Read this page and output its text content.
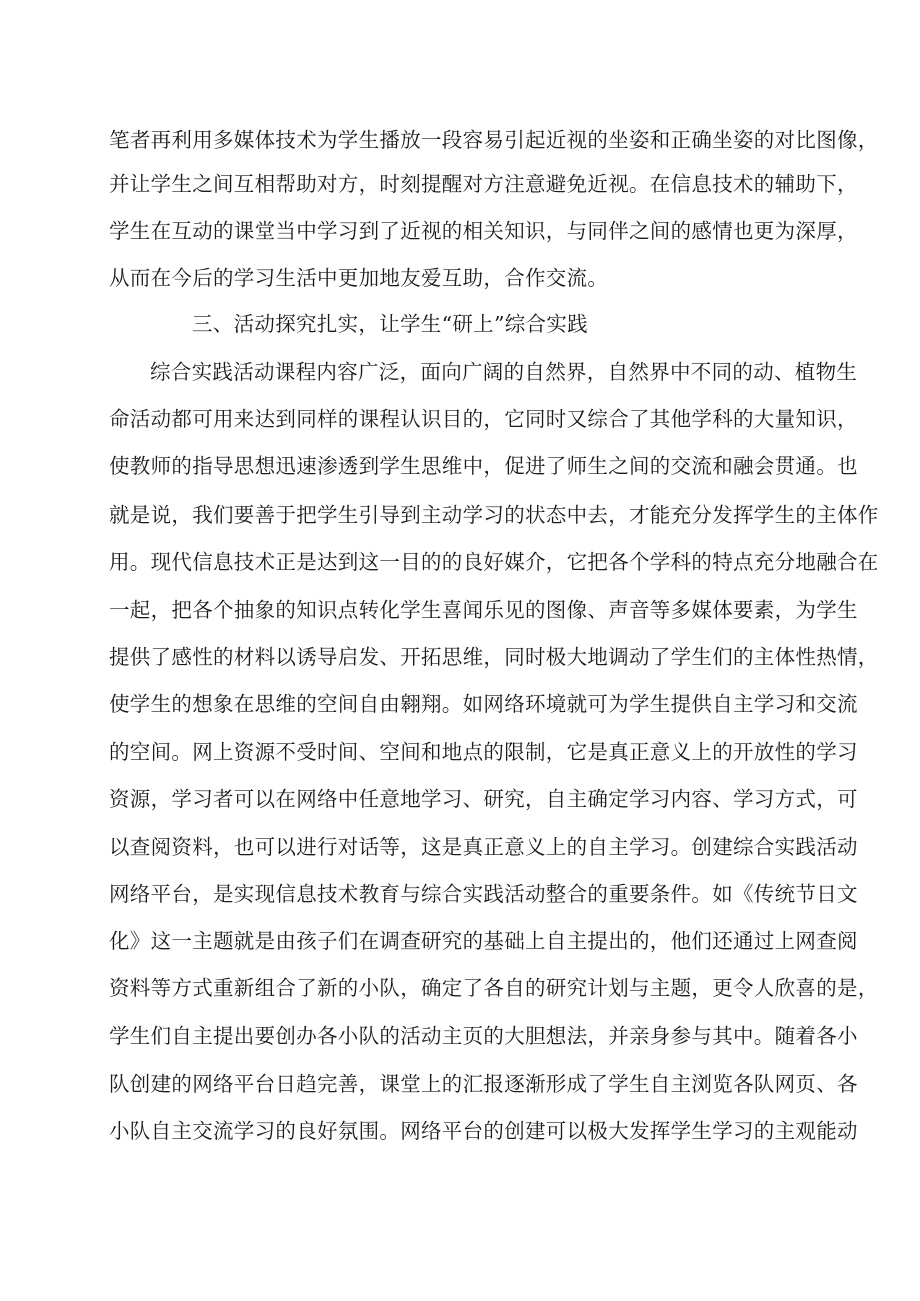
笔者再利用多媒体技术为学生播放一段容易引起近视的坐姿和正确坐姿的对比图像，
并让学生之间互相帮助对方，时刻提醒对方注意避免近视。在信息技术的辅助下，
学生在互动的课堂当中学习到了近视的相关知识，与同伴之间的感情也更为深厚，
从而在今后的学习生活中更加地友爱互助，合作交流。
三、活动探究扎实，让学生“研上”综合实践
综合实践活动课程内容广泛，面向广阔的自然界，自然界中不同的动、植物生
命活动都可用来达到同样的课程认识目的，它同时又综合了其他学科的大量知识，
使教师的指导思想迅速渗透到学生思维中，促进了师生之间的交流和融会贯通。也
就是说，我们要善于把学生引导到主动学习的状态中去，才能充分发挥学生的主体作
用。现代信息技术正是达到这一目的的良好媒介，它把各个学科的特点充分地融合在
一起，把各个抽象的知识点转化学生喜闻乐见的图像、声音等多媒体要素，为学生
提供了感性的材料以诱导启发、开拓思维，同时极大地调动了学生们的主体性热情，
使学生的想象在思维的空间自由翱翔。如网络环境就可为学生提供自主学习和交流
的空间。网上资源不受时间、空间和地点的限制，它是真正意义上的开放性的学习
资源，学习者可以在网络中任意地学习、研究，自主确定学习内容、学习方式，可
以查阅资料，也可以进行对话等，这是真正意义上的自主学习。创建综合实践活动
网络平台，是实现信息技术教育与综合实践活动整合的重要条件。如《传统节日文
化》这一主题就是由孩子们在调查研究的基础上自主提出的，他们还通过上网查阅
资料等方式重新组合了新的小队，确定了各自的研究计划与主题，更令人欣喜的是，
学生们自主提出要创办各小队的活动主页的大胆想法，并亲身参与其中。随着各小
队创建的网络平台日趋完善，课堂上的汇报逐渐形成了学生自主浏览各队网页、各
小队自主交流学习的良好氛围。网络平台的创建可以极大发挥学生学习的主观能动
